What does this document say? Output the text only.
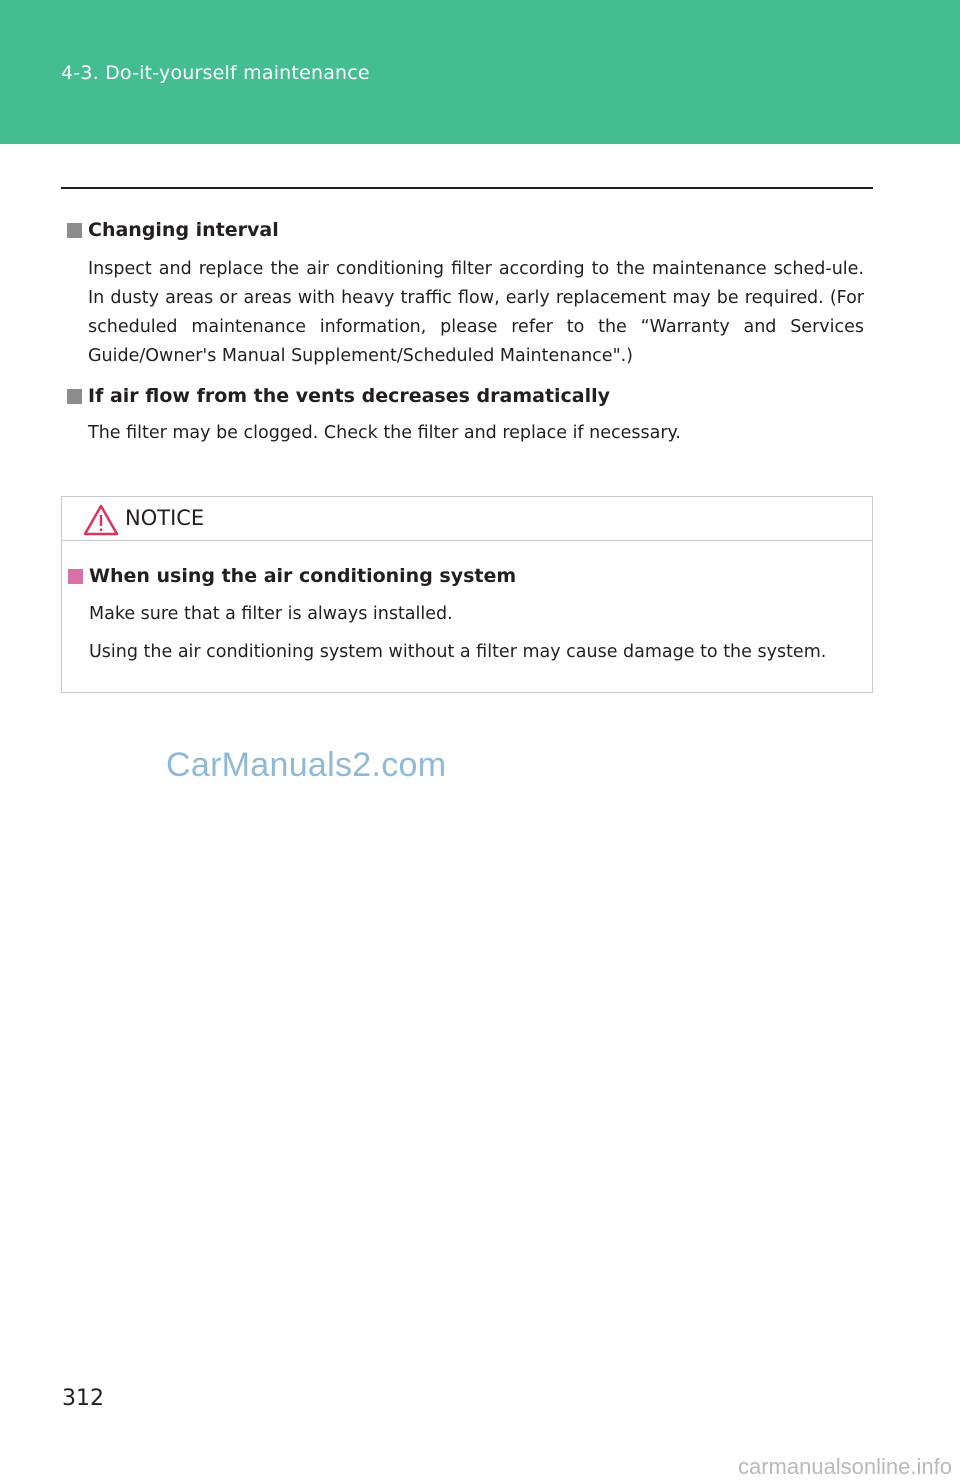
4-3. Do-it-yourself maintenance
Changing interval
Inspect and replace the air conditioning filter according to the maintenance sched-ule. In dusty areas or areas with heavy traffic flow, early replacement may be required. (For scheduled maintenance information, please refer to the “Warranty and Services Guide/Owner's Manual Supplement/Scheduled Maintenance".)
If air flow from the vents decreases dramatically
The filter may be clogged. Check the filter and replace if necessary.
NOTICE
When using the air conditioning system
Make sure that a filter is always installed.
Using the air conditioning system without a filter may cause damage to the system.
CarManuals2.com
312
carmanualsonline.info
